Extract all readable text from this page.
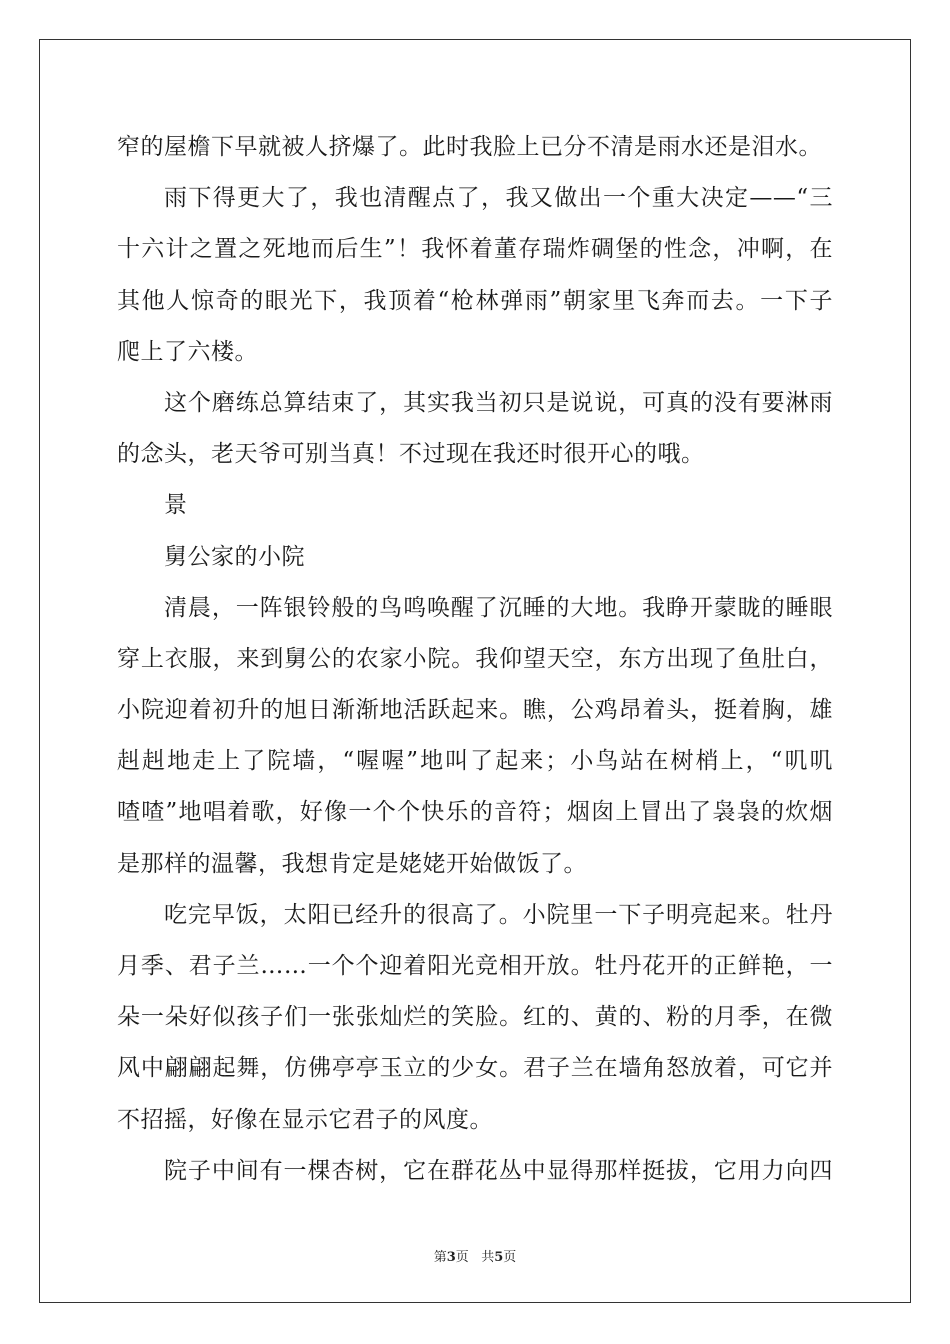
窄的屋檐下早就被人挤爆了。此时我脸上已分不清是雨水还是泪水。
雨下得更大了，我也清醒点了，我又做出一个重大决定——“三
十六计之置之死地而后生”！我怀着董存瑞炸碉堡的性念，冲啊，在
其他人惊奇的眼光下，我顶着“枪林弹雨”朝家里飞奔而去。一下子
爬上了六楼。
这个磨练总算结束了，其实我当初只是说说，可真的没有要淋雨
的念头，老天爷可别当真！不过现在我还时很开心的哦。
景
舅公家的小院
清晨，一阵银铃般的鸟鸣唤醒了沉睡的大地。我睁开蒙眬的睡眼
穿上衣服，来到舅公的农家小院。我仰望天空，东方出现了鱼肚白，
小院迎着初升的旭日渐渐地活跃起来。瞧，公鸡昂着头，挺着胸，雄
赳赳地走上了院墙，“喔喔”地叫了起来；小鸟站在树梢上，“叽叽
喳喳”地唱着歌，好像一个个快乐的音符；烟囱上冒出了袅袅的炊烟
是那样的温馨，我想肯定是姥姥开始做饭了。
吃完早饭，太阳已经升的很高了。小院里一下子明亮起来。牡丹
月季、君子兰……一个个迎着阳光竞相开放。牡丹花开的正鲜艳，一
朵一朵好似孩子们一张张灿烂的笑脸。红的、黄的、粉的月季，在微
风中翩翩起舞，仿佛亭亭玉立的少女。君子兰在墙角怒放着，可它并
不招摇，好像在显示它君子的风度。
院子中间有一棵杏树，它在群花丛中显得那样挺拔，它用力向四
第3页 共5页
